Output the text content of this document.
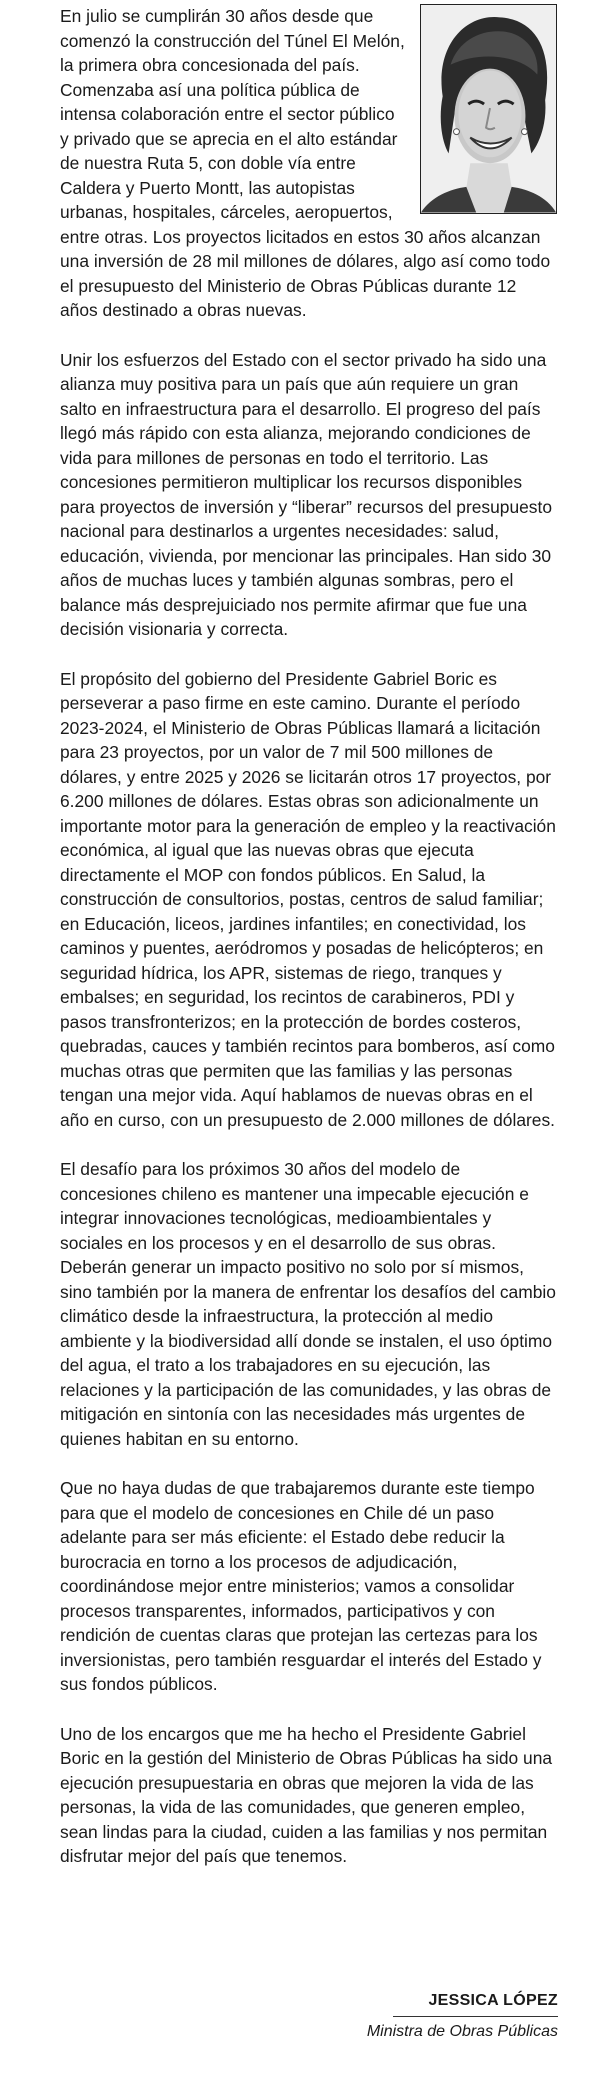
En julio se cumplirán 30 años desde que comenzó la construcción del Túnel El Melón, la primera obra concesionada del país. Comenzaba así una política pública de intensa colaboración entre el sector público y privado que se aprecia en el alto estándar de nuestra Ruta 5, con doble vía entre Caldera y Puerto Montt, las autopistas urbanas, hospitales, cárceles, aeropuertos, entre otras. Los proyectos licitados en estos 30 años alcanzan una inversión de 28 mil millones de dólares, algo así como todo el presupuesto del Ministerio de Obras Públicas durante 12 años destinado a obras nuevas.

Unir los esfuerzos del Estado con el sector privado ha sido una alianza muy positiva para un país que aún requiere un gran salto en infraestructura para el desarrollo. El progreso del país llegó más rápido con esta alianza, mejorando condiciones de vida para millones de personas en todo el territorio. Las concesiones permitieron multiplicar los recursos disponibles para proyectos de inversión y “liberar” recursos del presupuesto nacional para destinarlos a urgentes necesidades: salud, educación, vivienda, por mencionar las principales. Han sido 30 años de muchas luces y también algunas sombras, pero el balance más desprejuiciado nos permite afirmar que fue una decisión visionaria y correcta.

El propósito del gobierno del Presidente Gabriel Boric es perseverar a paso firme en este camino. Durante el período 2023-2024, el Ministerio de Obras Públicas llamará a licitación para 23 proyectos, por un valor de 7 mil 500 millones de dólares, y entre 2025 y 2026 se licitarán otros 17 proyectos, por 6.200 millones de dólares. Estas obras son adicionalmente un importante motor para la generación de empleo y la reactivación económica, al igual que las nuevas obras que ejecuta directamente el MOP con fondos públicos. En Salud, la construcción de consultorios, postas, centros de salud familiar; en Educación, liceos, jardines infantiles; en conectividad, los caminos y puentes, aeródromos y posadas de helicópteros; en seguridad hídrica, los APR, sistemas de riego, tranques y embalses; en seguridad, los recintos de carabineros, PDI y pasos transfronterizos; en la protección de bordes costeros, quebradas, cauces y también recintos para bomberos, así como muchas otras que permiten que las familias y las personas tengan una mejor vida. Aquí hablamos de nuevas obras en el año en curso, con un presupuesto de 2.000 millones de dólares.

El desafío para los próximos 30 años del modelo de concesiones chileno es mantener una impecable ejecución e integrar innovaciones tecnológicas, medioambientales y sociales en los procesos y en el desarrollo de sus obras. Deberán generar un impacto positivo no solo por sí mismos, sino también por la manera de enfrentar los desafíos del cambio climático desde la infraestructura, la protección al medio ambiente y la biodiversidad allí donde se instalen, el uso óptimo del agua, el trato a los trabajadores en su ejecución, las relaciones y la participación de las comunidades, y las obras de mitigación en sintonía con las necesidades más urgentes de quienes habitan en su entorno.

Que no haya dudas de que trabajaremos durante este tiempo para que el modelo de concesiones en Chile dé un paso adelante para ser más eficiente: el Estado debe reducir la burocracia en torno a los procesos de adjudicación, coordinándose mejor entre ministerios; vamos a consolidar procesos transparentes, informados, participativos y con rendición de cuentas claras que protejan las certezas para los inversionistas, pero también resguardar el interés del Estado y sus fondos públicos.

Uno de los encargos que me ha hecho el Presidente Gabriel Boric en la gestión del Ministerio de Obras Públicas ha sido una ejecución presupuestaria en obras que mejoren la vida de las personas, la vida de las comunidades, que generen empleo, sean lindas para la ciudad, cuiden a las familias y nos permitan disfrutar mejor del país que tenemos.

JESSICA LÓPEZ
Ministra de Obras Públicas
